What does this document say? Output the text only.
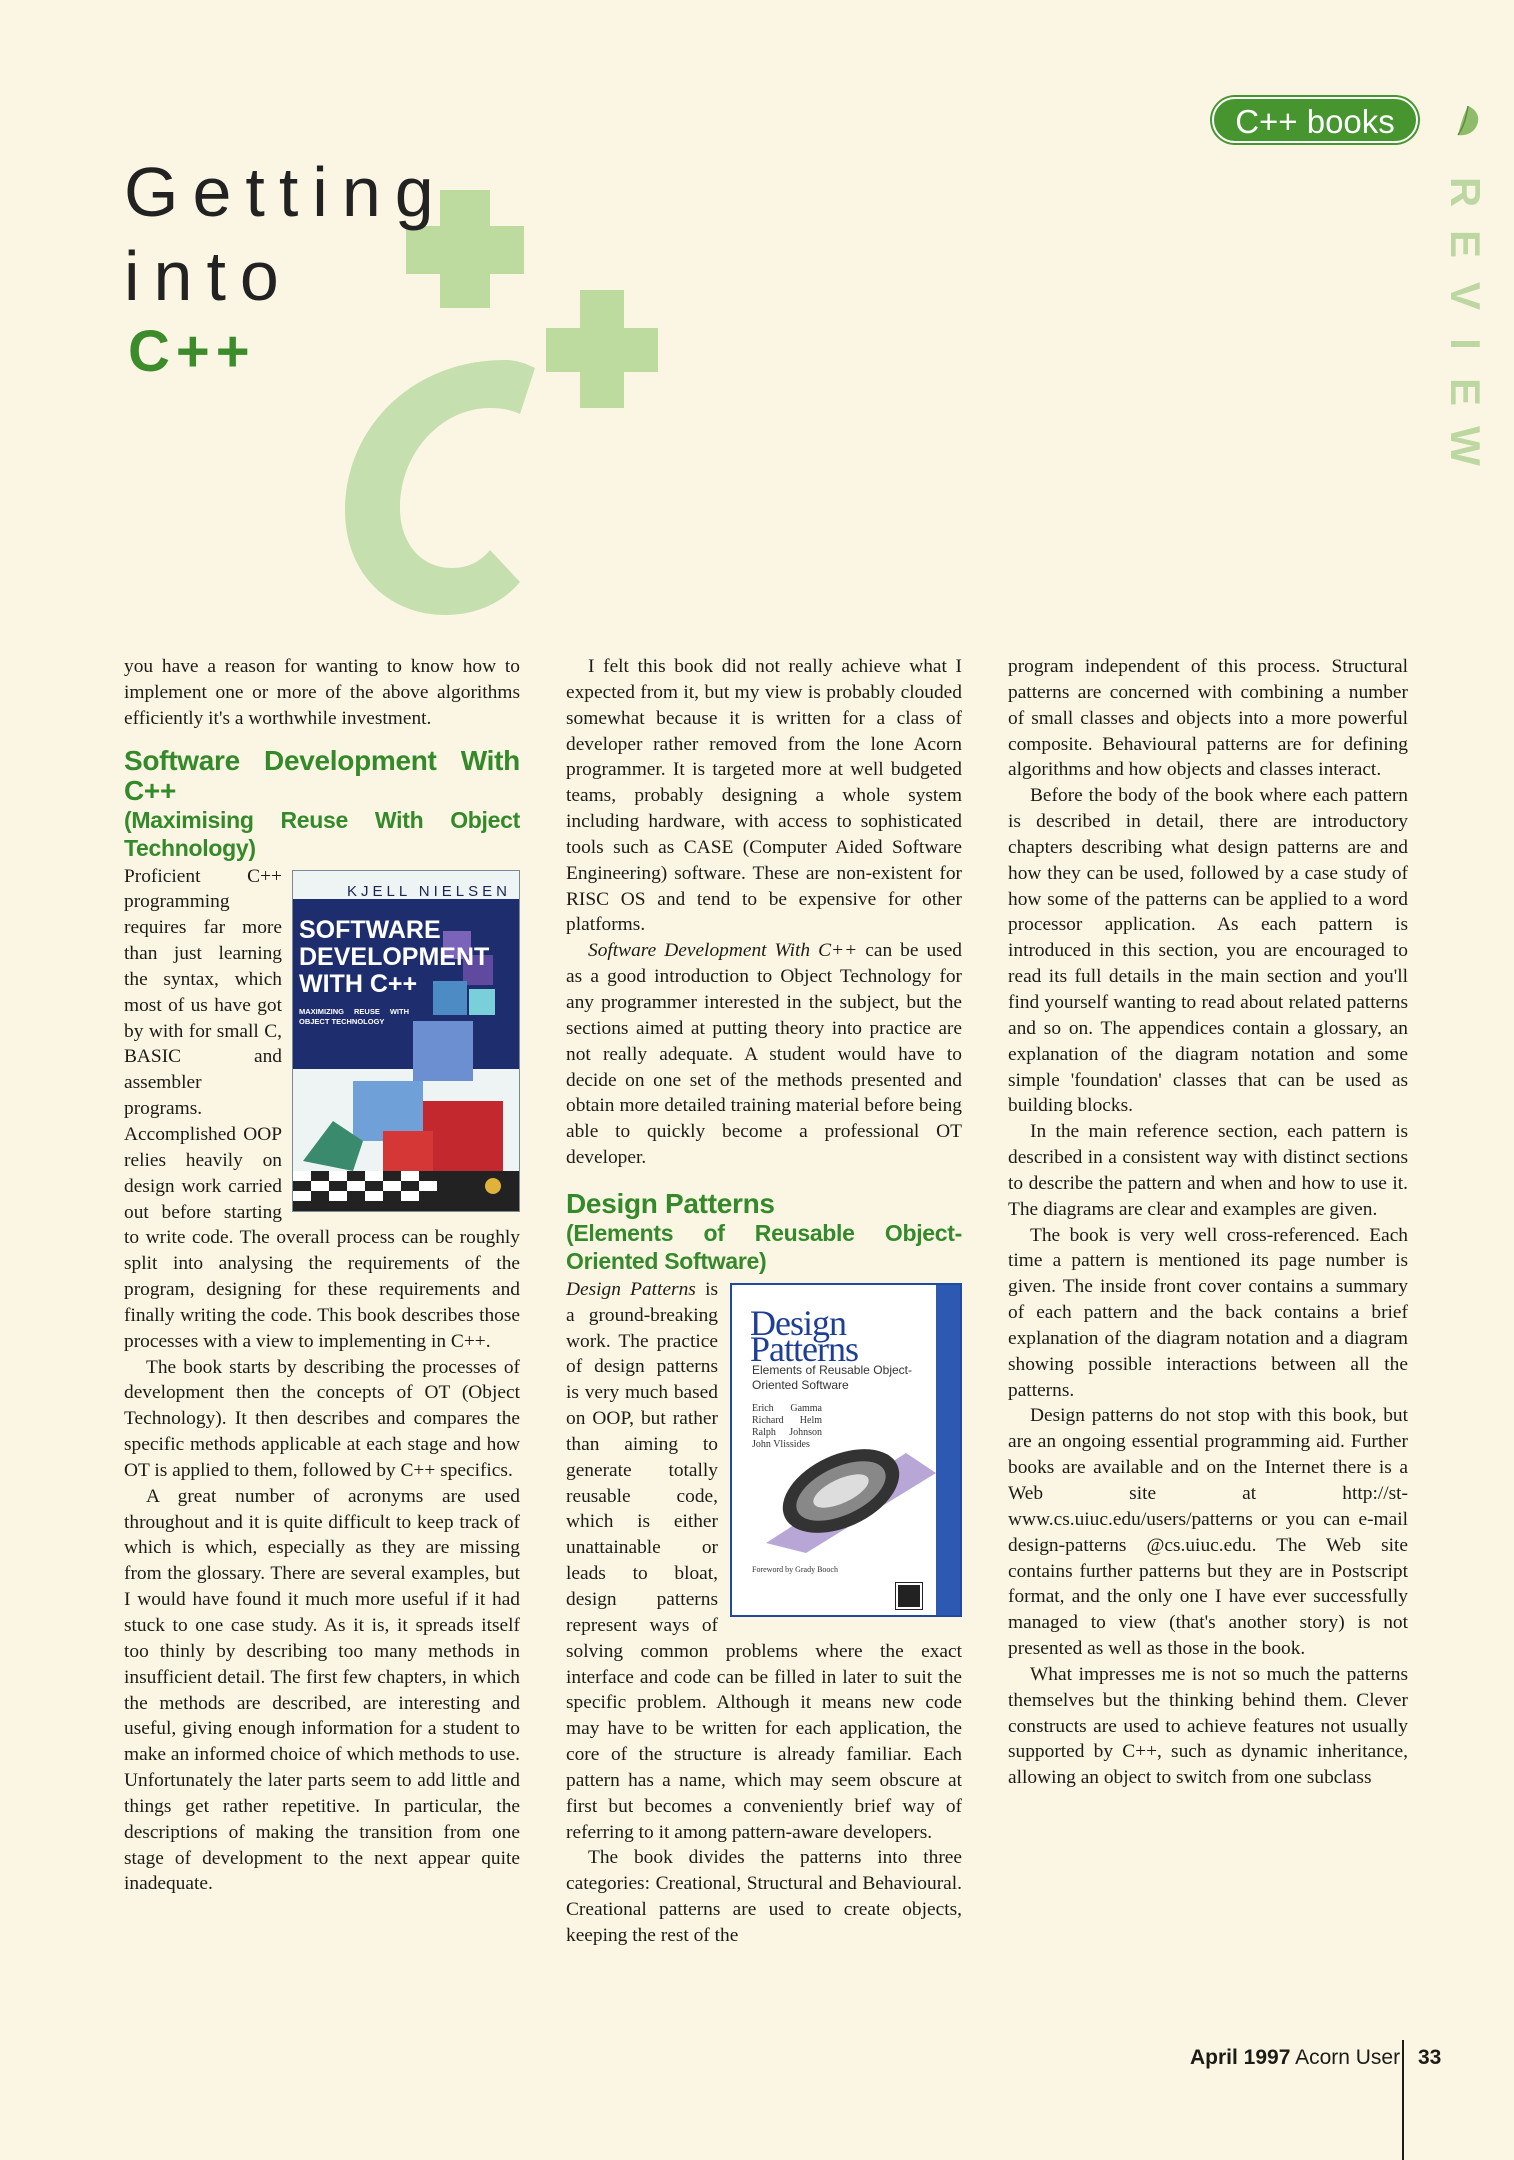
C++ books
R
E
V
I
E
W
Getting
into
C++

you have a reason for wanting to know how to implement one or more of the above algorithms efficiently it's a worthwhile investment.

Software Development With C++
(Maximising Reuse With Object Technology)
KJELL NIELSEN
SOFTWARE DEVELOPMENT WITH C++
MAXIMIZING REUSE WITH OBJECT TECHNOLOGY

Proficient C++ programming requires far more than just learning the syntax, which most of us have got by with for small C, BASIC and assembler programs. Accomplished OOP relies heavily on design work carried out before starting to write code. The overall process can be roughly split into analysing the requirements of the program, designing for these requirements and finally writing the code. This book describes those processes with a view to implementing in C++.

The book starts by describing the processes of development then the concepts of OT (Object Technology). It then describes and compares the specific methods applicable at each stage and how OT is applied to them, followed by C++ specifics.

A great number of acronyms are used throughout and it is quite difficult to keep track of which is which, especially as they are missing from the glossary. There are several examples, but I would have found it much more useful if it had stuck to one case study. As it is, it spreads itself too thinly by describing too many methods in insufficient detail. The first few chapters, in which the methods are described, are interesting and useful, giving enough information for a student to make an informed choice of which methods to use. Unfortunately the later parts seem to add little and things get rather repetitive. In particular, the descriptions of making the transition from one stage of development to the next appear quite inadequate.

I felt this book did not really achieve what I expected from it, but my view is probably clouded somewhat because it is written for a class of developer rather removed from the lone Acorn programmer. It is targeted more at well budgeted teams, probably designing a whole system including hardware, with access to sophisticated tools such as CASE (Computer Aided Software Engineering) software. These are non-existent for RISC OS and tend to be expensive for other platforms.

Software Development With C++ can be used as a good introduction to Object Technology for any programmer interested in the subject, but the sections aimed at putting theory into practice are not really adequate. A student would have to decide on one set of the methods presented and obtain more detailed training material before being able to quickly become a professional OT developer.

Design Patterns
(Elements of Reusable Object-Oriented Software)
Design Patterns
Elements of Reusable Object-Oriented Software
Erich Gamma Richard Helm Ralph Johnson John Vlissides
Foreword by Grady Booch

Design Patterns is a ground-breaking work. The practice of design patterns is very much based on OOP, but rather than aiming to generate totally reusable code, which is either unattainable or leads to bloat, design patterns represent ways of solving common problems where the exact interface and code can be filled in later to suit the specific problem. Although it means new code may have to be written for each application, the core of the structure is already familiar. Each pattern has a name, which may seem obscure at first but becomes a conveniently brief way of referring to it among pattern-aware developers.

The book divides the patterns into three categories: Creational, Structural and Behavioural. Creational patterns are used to create objects, keeping the rest of the

program independent of this process. Structural patterns are concerned with combining a number of small classes and objects into a more powerful composite. Behavioural patterns are for defining algorithms and how objects and classes interact.

Before the body of the book where each pattern is described in detail, there are introductory chapters describing what design patterns are and how they can be used, followed by a case study of how some of the patterns can be applied to a word processor application. As each pattern is introduced in this section, you are encouraged to read its full details in the main section and you'll find yourself wanting to read about related patterns and so on. The appendices contain a glossary, an explanation of the diagram notation and some simple 'foundation' classes that can be used as building blocks.

In the main reference section, each pattern is described in a consistent way with distinct sections to describe the pattern and when and how to use it. The diagrams are clear and examples are given.

The book is very well cross-referenced. Each time a pattern is mentioned its page number is given. The inside front cover contains a summary of each pattern and the back contains a brief explanation of the diagram notation and a diagram showing possible interactions between all the patterns.

Design patterns do not stop with this book, but are an ongoing essential programming aid. Further books are available and on the Internet there is a Web site at http://st-www.cs.uiuc.edu/users/patterns or you can e-mail design-patterns @cs.uiuc.edu. The Web site contains further patterns but they are in Postscript format, and the only one I have ever successfully managed to view (that's another story) is not presented as well as those in the book.

What impresses me is not so much the patterns themselves but the thinking behind them. Clever constructs are used to achieve features not usually supported by C++, such as dynamic inheritance, allowing an object to switch from one subclass

April 1997 Acorn User 33
